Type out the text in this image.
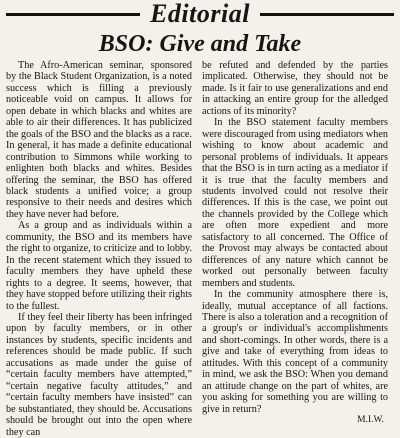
Editorial
BSO: Give and Take

The Afro-American seminar, sponsored by the Black Student Organization, is a noted success which is filling a previously noticeable void on campus. It allows for open debate in which blacks and whites are able to air their differences. It has publicized the goals of the BSO and the blacks as a race. In general, it has made a definite educational contribution to Simmons while working to enlighten both blacks and whites. Besides offering the seminar, the BSO has offered black students a unified voice; a group responsive to their needs and desires which they have never had before.

As a group and as individuals within a community, the BSO and its members have the right to organize, to criticize and to lobby. In the recent statement which they issued to faculty members they have upheld these rights to a degree. It seems, however, that they have stopped before utilizing their rights to the fullest.

If they feel their liberty has been infringed upon by faculty members, or in other instances by students, specific incidents and references should be made public. If such accusations as made under the guise of “certain faculty members have attempted,” “certain negative faculty attitudes,” and “certain faculty members have insisted” can be substantiated, they should be. Accusations should be brought out into the open where they can

be refuted and defended by the parties implicated. Otherwise, they should not be made. Is it fair to use generalizations and end in attacking an entire group for the alledged actions of its minority?

In the BSO statement faculty members were discouraged from using mediators when wishing to know about academic and personal problems of individuals. It appears that the BSO is in turn acting as a mediator if it is true that the faculty members and students involved could not resolve their differences. If this is the case, we point out the channels provided by the College which are often more expedient and more satisfactory to all concerned. The Office of the Provost may always be contacted about differences of any nature which cannot be worked out personally between faculty members and students.

In the community atmosphere there is, ideally, mutual acceptance of all factions. There is also a toleration and a recognition of a group's or individual's accomplishments and short-comings. In other words, there is a give and take of everything from ideas to attitudes. With this concept of a community in mind, we ask the BSO: When you demand an attitude change on the part of whites, are you asking for something you are willing to give in return?

M.I.W.
